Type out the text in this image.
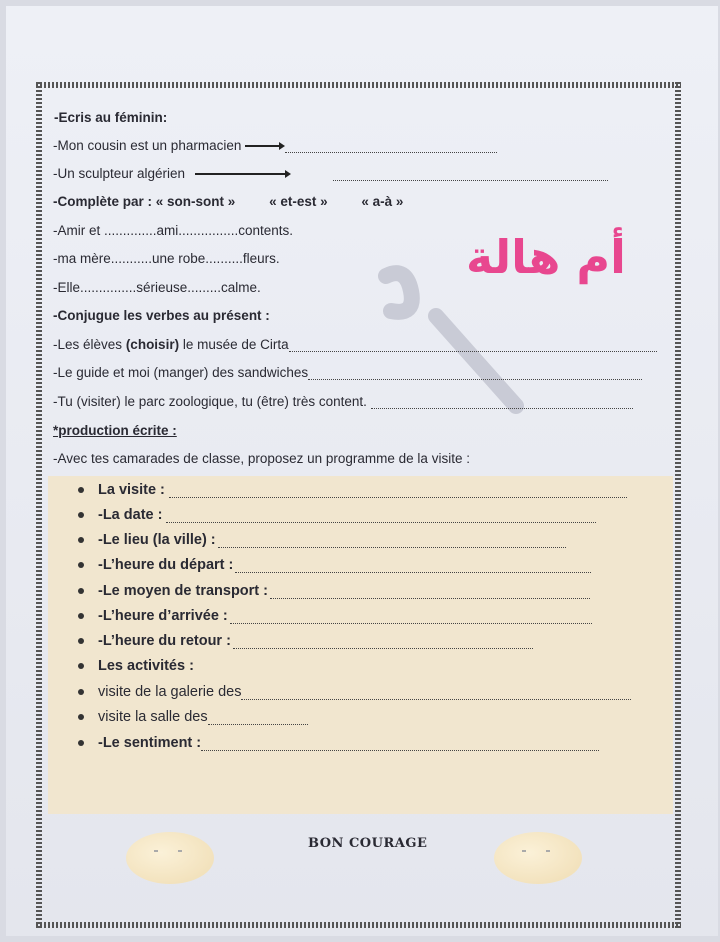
أم هالة
-Ecris au féminin:
-Mon cousin est un pharmacien
-Un sculpteur algérien
-Complète par : « son-sont »	« et-est »	« a-à »
-Amir et ..............ami................contents.
-ma mère...........une robe..........fleurs.
-Elle...............sérieuse.........calme.
-Conjugue les verbes au présent :
-Les élèves (choisir) le musée de Cirta
-Le guide et moi (manger) des sandwiches
-Tu (visiter) le parc zoologique, tu (être) très content.
*production écrite :
-Avec tes camarades de classe, proposez un programme de la visite :
La visite :
-La date :
-Le lieu (la ville) :
-L’heure du départ :
-Le moyen de transport :
-L’heure d’arrivée :
-L’heure du retour :
Les activités :
visite de la galerie des
visite la salle des
-Le sentiment :
BON COURAGE
